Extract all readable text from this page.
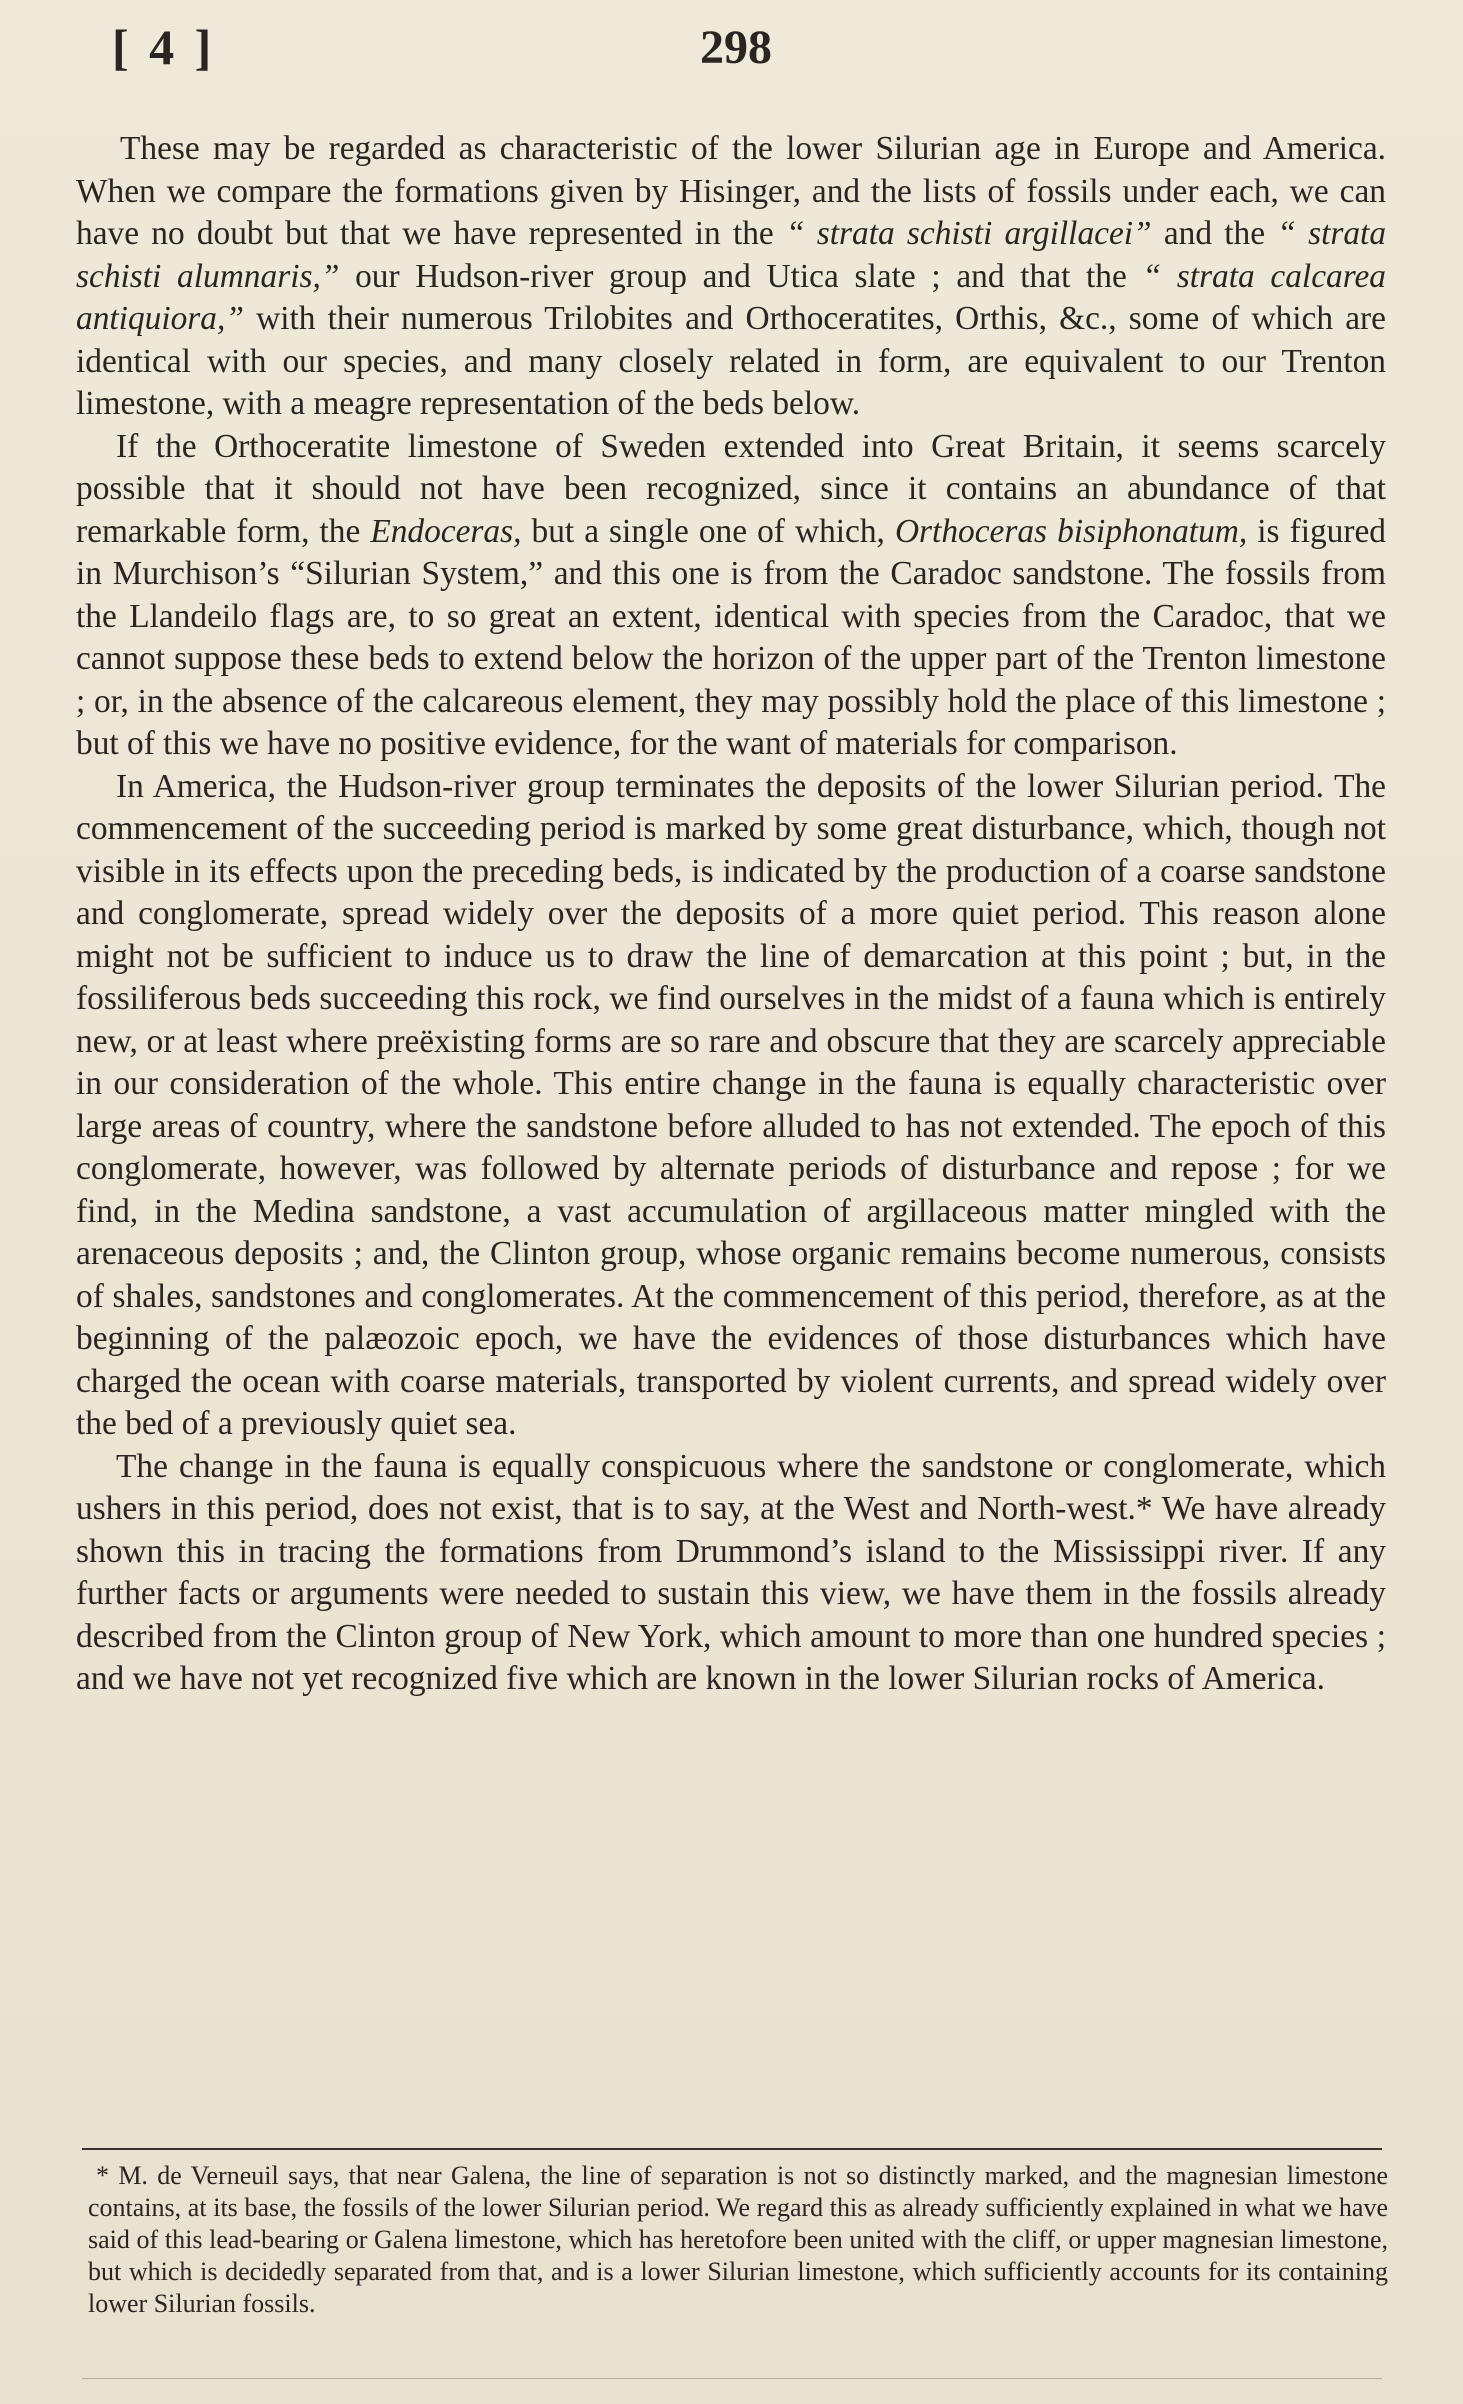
[ 4 ]	298

These may be regarded as characteristic of the lower Silurian age in Europe and America. When we compare the formations given by Hisinger, and the lists of fossils under each, we can have no doubt but that we have represented in the “ strata schisti argillacei” and the “ strata schisti alumnaris,” our Hudson-river group and Utica slate ; and that the “ strata calcarea antiquiora,” with their numerous Trilobites and Orthoceratites, Orthis, &c., some of which are identical with our species, and many closely related in form, are equivalent to our Trenton limestone, with a meagre representation of the beds below.

If the Orthoceratite limestone of Sweden extended into Great Britain, it seems scarcely possible that it should not have been recognized, since it contains an abundance of that remarkable form, the Endoceras, but a single one of which, Orthoceras bisiphonatum, is figured in Murchison’s “Silurian System,” and this one is from the Caradoc sandstone. The fossils from the Llandeilo flags are, to so great an extent, identical with species from the Caradoc, that we cannot suppose these beds to extend below the horizon of the upper part of the Trenton limestone ; or, in the absence of the calcareous element, they may possibly hold the place of this limestone ; but of this we have no positive evidence, for the want of materials for comparison.

In America, the Hudson-river group terminates the deposits of the lower Silurian period. The commencement of the succeeding period is marked by some great disturbance, which, though not visible in its effects upon the preceding beds, is indicated by the production of a coarse sandstone and conglomerate, spread widely over the deposits of a more quiet period. This reason alone might not be sufficient to induce us to draw the line of demarcation at this point ; but, in the fossiliferous beds succeeding this rock, we find ourselves in the midst of a fauna which is entirely new, or at least where preëxisting forms are so rare and obscure that they are scarcely appreciable in our consideration of the whole. This entire change in the fauna is equally characteristic over large areas of country, where the sandstone before alluded to has not extended. The epoch of this conglomerate, however, was followed by alternate periods of disturbance and repose ; for we find, in the Medina sandstone, a vast accumulation of argillaceous matter mingled with the arenaceous deposits ; and, the Clinton group, whose organic remains become numerous, consists of shales, sandstones and conglomerates. At the commencement of this period, therefore, as at the beginning of the palæozoic epoch, we have the evidences of those disturbances which have charged the ocean with coarse materials, transported by violent currents, and spread widely over the bed of a previously quiet sea.

The change in the fauna is equally conspicuous where the sandstone or conglomerate, which ushers in this period, does not exist, that is to say, at the West and North-west.* We have already shown this in tracing the formations from Drummond’s island to the Mississippi river. If any further facts or arguments were needed to sustain this view, we have them in the fossils already described from the Clinton group of New York, which amount to more than one hundred species ; and we have not yet recognized five which are known in the lower Silurian rocks of America.

* M. de Verneuil says, that near Galena, the line of separation is not so distinctly marked, and the magnesian limestone contains, at its base, the fossils of the lower Silurian period. We regard this as already sufficiently explained in what we have said of this lead-bearing or Galena limestone, which has heretofore been united with the cliff, or upper magnesian limestone, but which is decidedly separated from that, and is a lower Silurian limestone, which sufficiently accounts for its containing lower Silurian fossils.
